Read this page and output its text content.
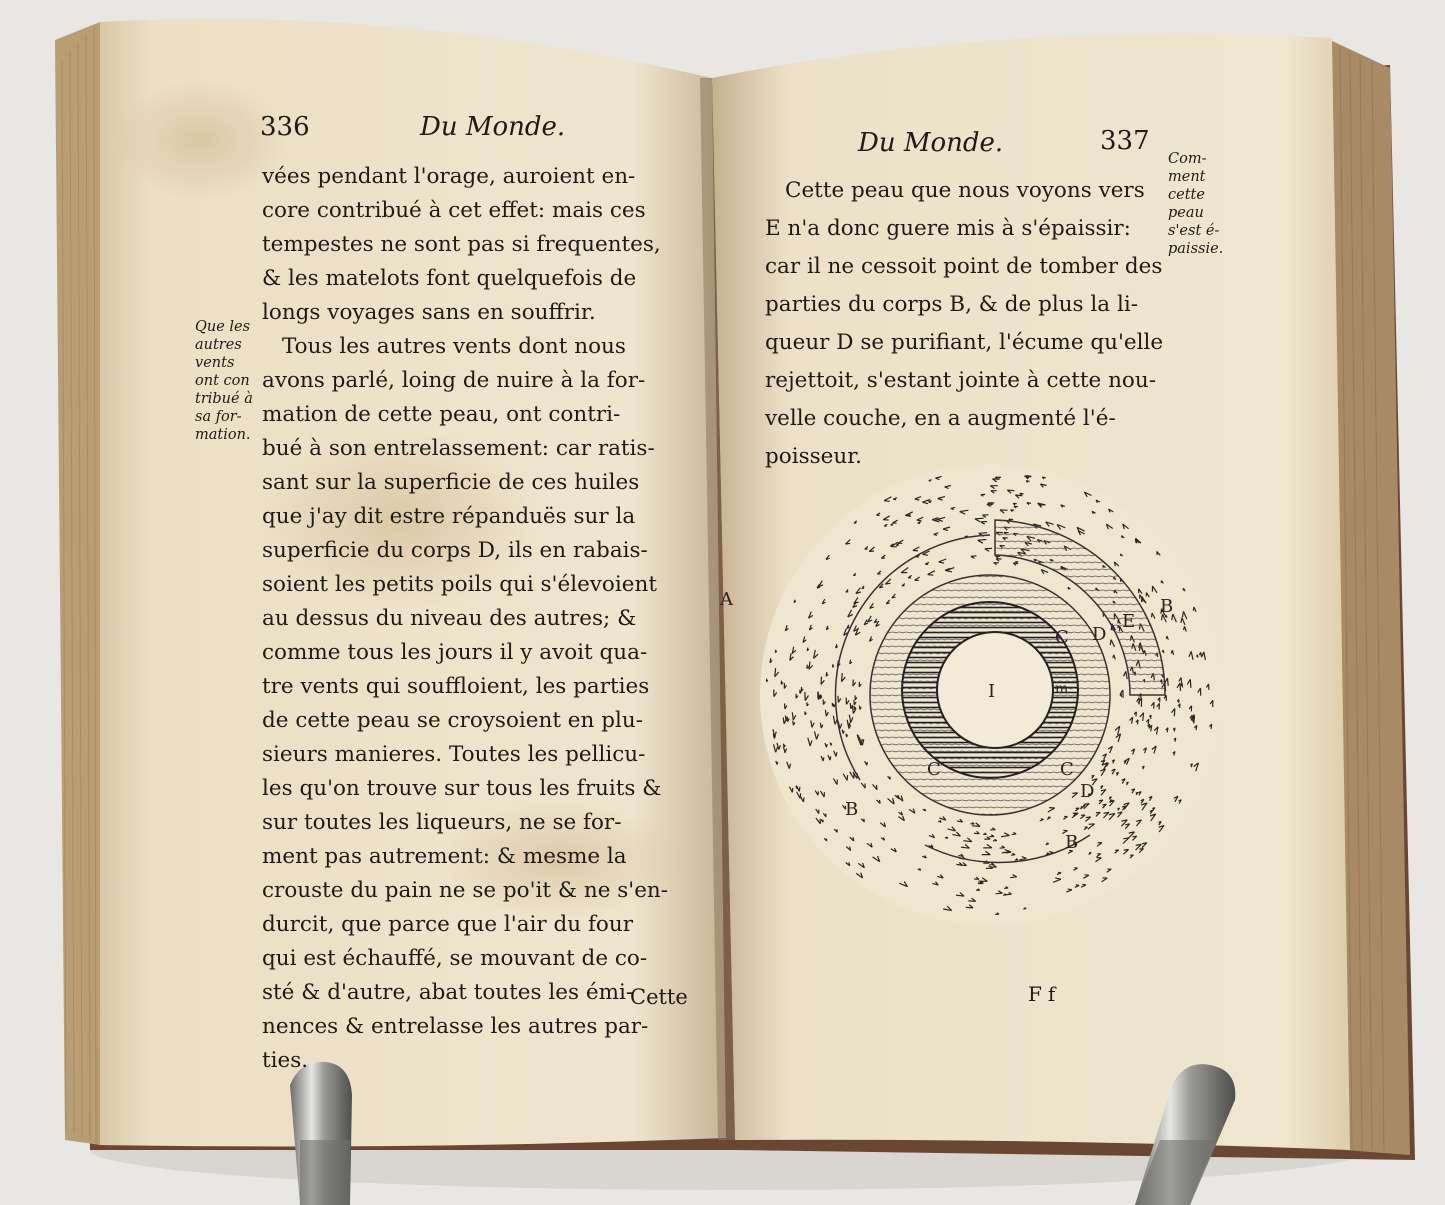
I
A	B
B
B
C
C	C
D
D
E
m
336	Du Monde.
vées pendant l'orage, auroient en-
core contribué à cet effet: mais ces
tempestes ne sont pas si frequentes,
& les matelots font quelquefois de
longs voyages sans en souffrir.
Tous les autres vents dont nous
avons parlé, loing de nuire à la for-
mation de cette peau, ont contri-
bué à son entrelassement: car ratis-
sant sur la superficie de ces huiles
que j'ay dit estre répanduës sur la
superficie du corps D, ils en rabais-
soient les petits poils qui s'élevoient
au dessus du niveau des autres; &
comme tous les jours il y avoit qua-
tre vents qui souffloient, les parties
de cette peau se croysoient en plu-
sieurs manieres. Toutes les pellicu-
les qu'on trouve sur tous les fruits &
sur toutes les liqueurs, ne se for-
ment pas autrement: & mesme la
crouste du pain ne se po'it & ne s'en-
durcit, que parce que l'air du four
qui est échauffé, se mouvant de co-
sté & d'autre, abat toutes les émi-
nences & entrelasse les autres par-
ties.
Que les
autres
vents
ont con
tribué à
sa for-
mation.
Cette
Du Monde.	337
Cette peau que nous voyons vers
E n'a donc guere mis à s'épaissir:
car il ne cessoit point de tomber des
parties du corps B, & de plus la li-
queur D se purifiant, l'écume qu'elle
rejettoit, s'estant jointe à cette nou-
velle couche, en a augmenté l'é-
poisseur.
Com-
ment
cette
peau
s'est é-
paissie.
Ff
